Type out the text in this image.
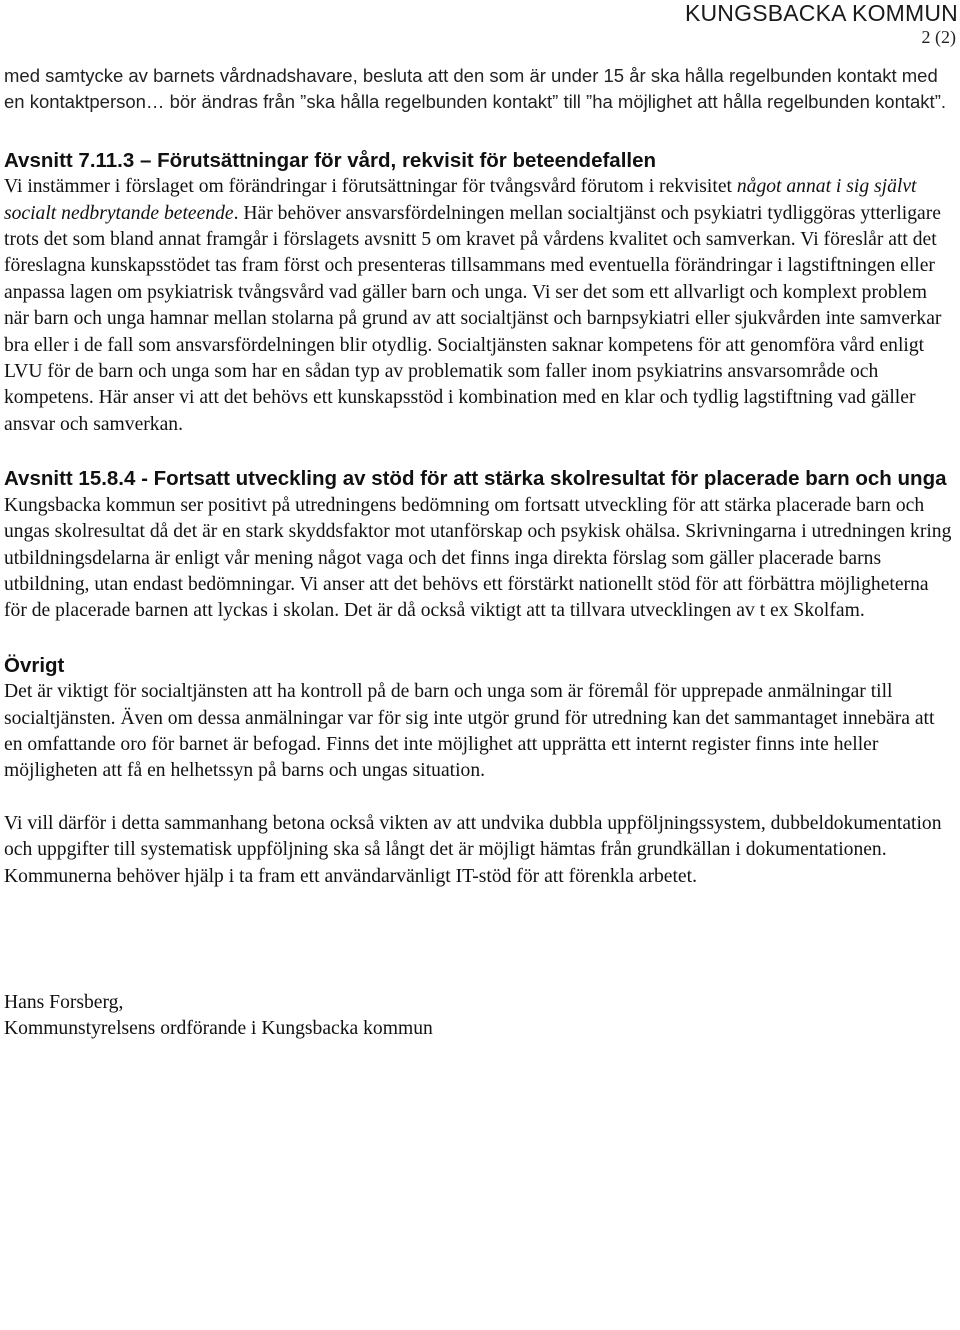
KUNGSBACKA KOMMUN
2 (2)

med samtycke av barnets vårdnadshavare, besluta att den som är under 15 år ska hålla regelbunden kontakt med en kontaktperson… bör ändras från ”ska hålla regelbunden kontakt” till ”ha möjlighet att hålla regelbunden kontakt”.

Avsnitt 7.11.3 – Förutsättningar för vård, rekvisit för beteendefallen

Vi instämmer i förslaget om förändringar i förutsättningar för tvångsvård förutom i rekvisitet något annat i sig självt socialt nedbrytande beteende. Här behöver ansvarsfördelningen mellan socialtjänst och psykiatri tydliggöras ytterligare trots det som bland annat framgår i förslagets avsnitt 5 om kravet på vårdens kvalitet och samverkan. Vi föreslår att det föreslagna kunskapsstödet tas fram först och presenteras tillsammans med eventuella förändringar i lagstiftningen eller anpassa lagen om psykiatrisk tvångsvård vad gäller barn och unga. Vi ser det som ett allvarligt och komplext problem när barn och unga hamnar mellan stolarna på grund av att socialtjänst och barnpsykiatri eller sjukvården inte samverkar bra eller i de fall som ansvarsfördelningen blir otydlig. Socialtjänsten saknar kompetens för att genomföra vård enligt LVU för de barn och unga som har en sådan typ av problematik som faller inom psykiatrins ansvarsområde och kompetens. Här anser vi att det behövs ett kunskapsstöd i kombination med en klar och tydlig lagstiftning vad gäller ansvar och samverkan.

Avsnitt 15.8.4 - Fortsatt utveckling av stöd för att stärka skolresultat för placerade barn och unga

Kungsbacka kommun ser positivt på utredningens bedömning om fortsatt utveckling för att stärka placerade barn och ungas skolresultat då det är en stark skyddsfaktor mot utanförskap och psykisk ohälsa. Skrivningarna i utredningen kring utbildningsdelarna är enligt vår mening något vaga och det finns inga direkta förslag som gäller placerade barns utbildning, utan endast bedömningar. Vi anser att det behövs ett förstärkt nationellt stöd för att förbättra möjligheterna för de placerade barnen att lyckas i skolan. Det är då också viktigt att ta tillvara utvecklingen av t ex Skolfam.

Övrigt

Det är viktigt för socialtjänsten att ha kontroll på de barn och unga som är föremål för upprepade anmälningar till socialtjänsten. Även om dessa anmälningar var för sig inte utgör grund för utredning kan det sammantaget innebära att en omfattande oro för barnet är befogad. Finns det inte möjlighet att upprätta ett internt register finns inte heller möjligheten att få en helhetssyn på barns och ungas situation.

Vi vill därför i detta sammanhang betona också vikten av att undvika dubbla uppföljningssystem, dubbeldokumentation och uppgifter till systematisk uppföljning ska så långt det är möjligt hämtas från grundkällan i dokumentationen. Kommunerna behöver hjälp i ta fram ett användarvänligt IT-stöd för att förenkla arbetet.

Hans Forsberg,

Kommunstyrelsens ordförande i Kungsbacka kommun
